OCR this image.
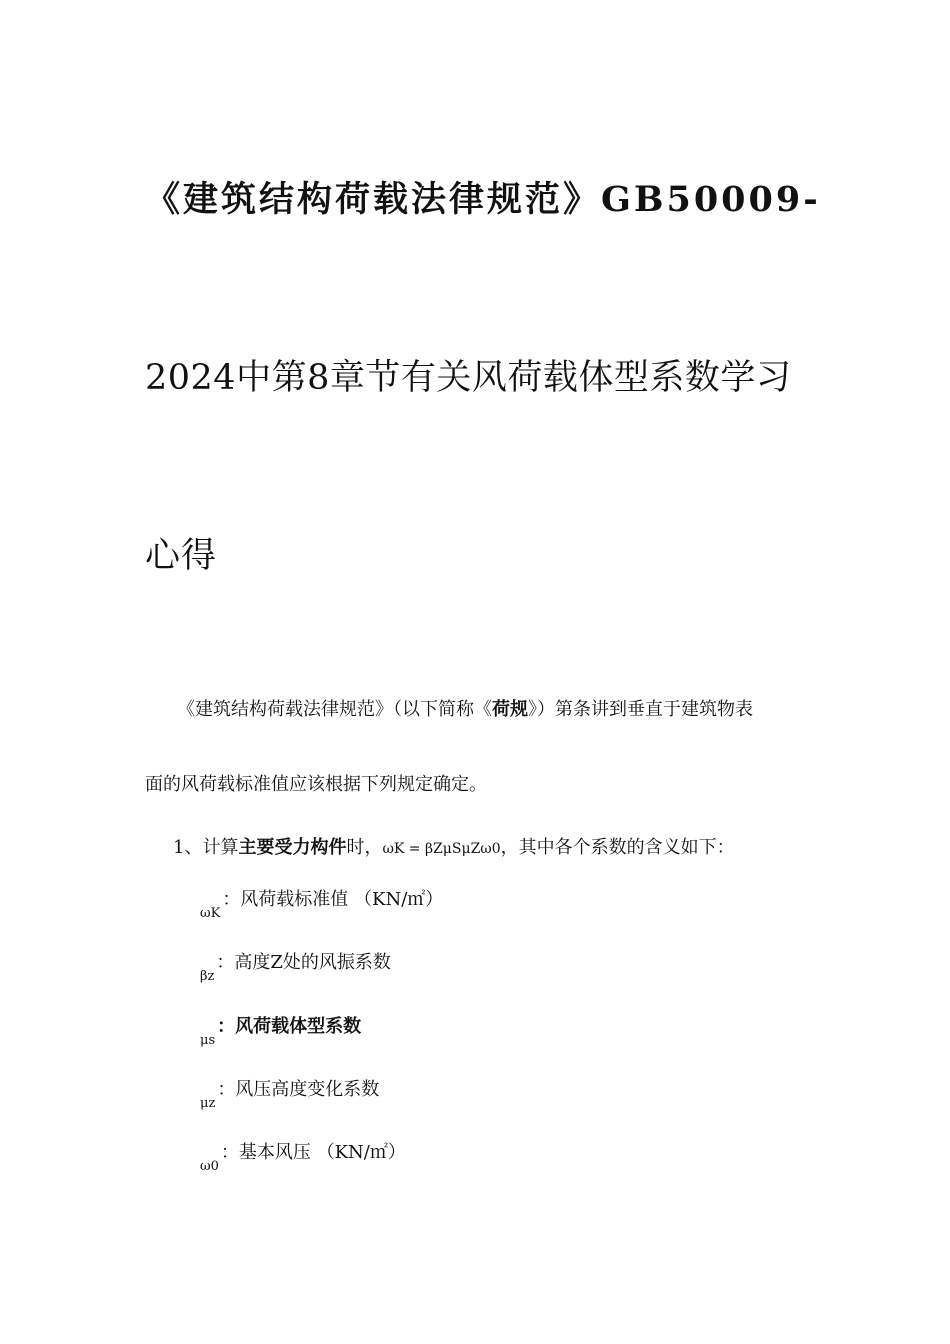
《建筑结构荷载法律规范》GB50009-
2024中第8章节有关风荷载体型系数学习
心得
《建筑结构荷载法律规范》（以下简称《荷规》）第条讲到垂直于建筑物表
面的风荷载标准值应该根据下列规定确定。
1、计算主要受力构件时，ωK = βZμSμZω0，其中各个系数的含义如下：
ωK：风荷载标准值 （KN/㎡）
βz：高度Z处的风振系数
μs：风荷载体型系数
μz：风压高度变化系数
ω0：基本风压 （KN/㎡）
